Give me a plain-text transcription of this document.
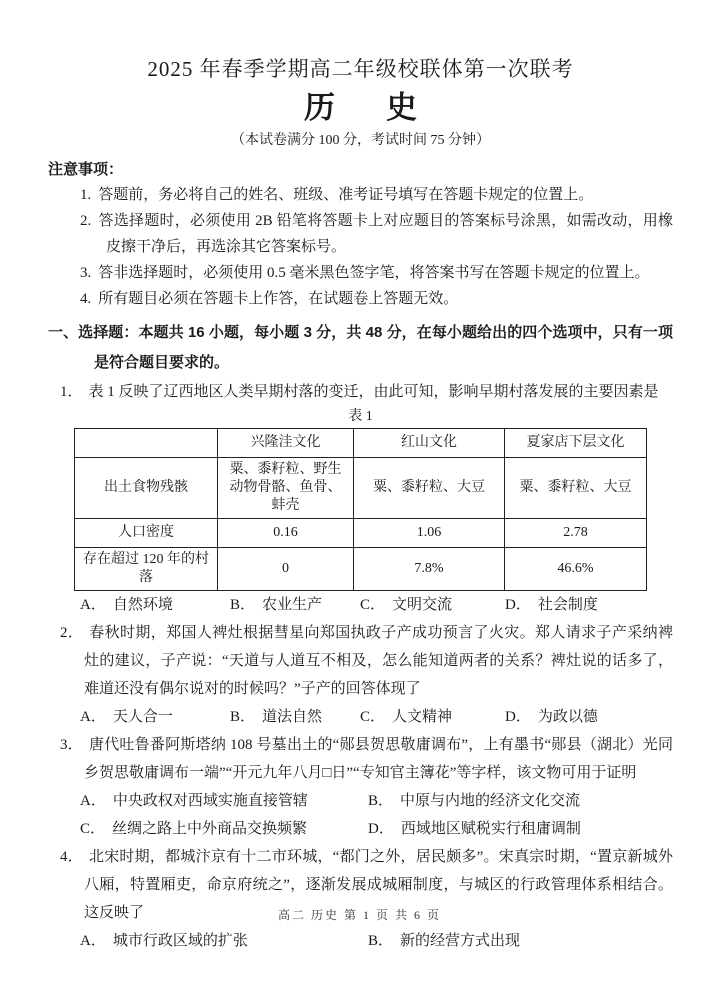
2025 年春季学期高二年级校联体第一次联考
历　史
（本试卷满分 100 分，考试时间 75 分钟）
注意事项：
1. 答题前，务必将自己的姓名、班级、准考证号填写在答题卡规定的位置上。
2. 答选择题时，必须使用 2B 铅笔将答题卡上对应题目的答案标号涂黑，如需改动，用橡皮擦干净后，再选涂其它答案标号。
3. 答非选择题时，必须使用 0.5 毫米黑色签字笔，将答案书写在答题卡规定的位置上。
4. 所有题目必须在答题卡上作答，在试题卷上答题无效。
一、选择题：本题共 16 小题，每小题 3 分，共 48 分，在每小题给出的四个选项中，只有一项是符合题目要求的。
1． 表 1 反映了辽西地区人类早期村落的变迁，由此可知，影响早期村落发展的主要因素是
表 1
	兴隆洼文化	红山文化	夏家店下层文化
出土食物残骸	粟、黍籽粒、野生动物骨骼、鱼骨、蚌壳	粟、黍籽粒、大豆	粟、黍籽粒、大豆
人口密度	0.16	1.06	2.78
存在超过 120 年的村落	0	7.8%	46.6%
A． 自然环境	B． 农业生产	C． 文明交流	D． 社会制度
2． 春秋时期，郑国人裨灶根据彗星向郑国执政子产成功预言了火灾。郑人请求子产采纳裨灶的建议，子产说：“天道与人道互不相及，怎么能知道两者的关系？裨灶说的话多了，难道还没有偶尔说对的时候吗？”子产的回答体现了
A． 天人合一	B． 道法自然	C． 人文精神	D． 为政以德
3． 唐代吐鲁番阿斯塔纳 108 号墓出土的“郧县贺思敬庸调布”，上有墨书“郧县（湖北）光同乡贺思敬庸调布一端”“开元九年八月□日”“专知官主簿花”等字样，该文物可用于证明
A． 中央政权对西域实施直接管辖	B． 中原与内地的经济文化交流
C． 丝绸之路上中外商品交换频繁	D． 西域地区赋税实行租庸调制
4． 北宋时期，都城汴京有十二市环城，“都门之外，居民颇多”。宋真宗时期，“置京新城外八厢，特置厢吏，命京府统之”，逐渐发展成城厢制度，与城区的行政管理体系相结合。这反映了
A． 城市行政区域的扩张	B． 新的经营方式出现
高二 历史 第 1 页 共 6 页
